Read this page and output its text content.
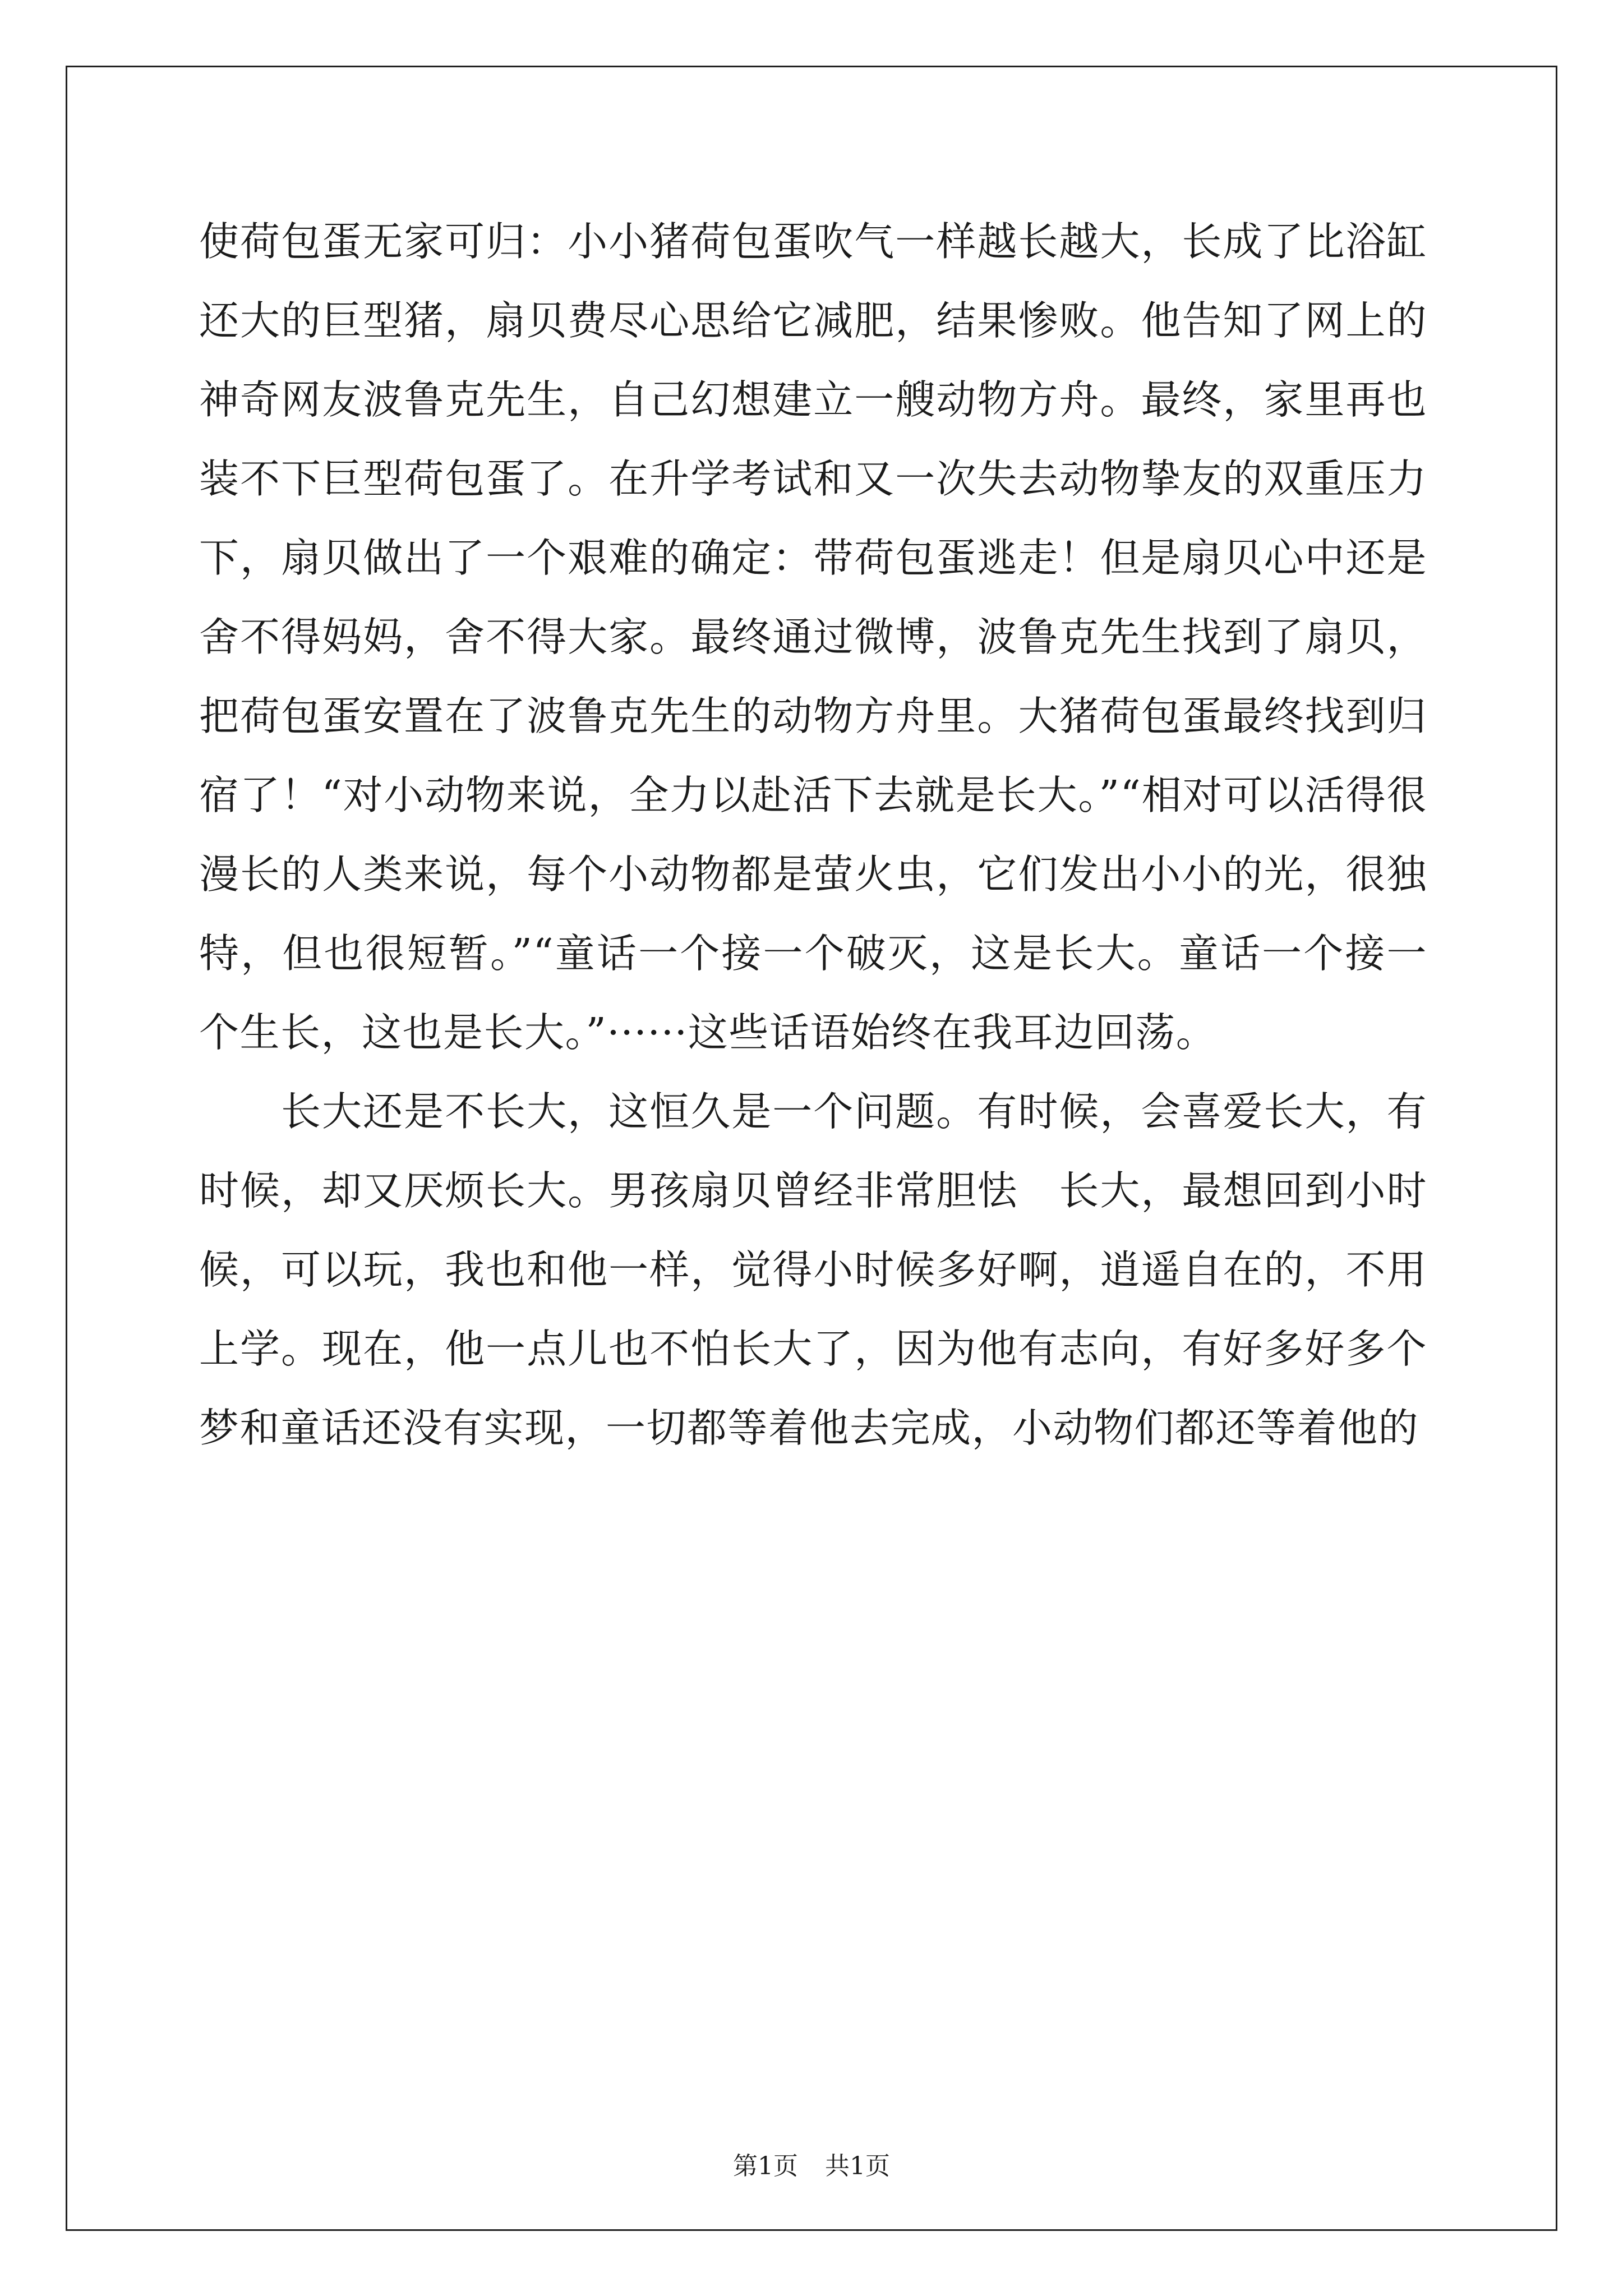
使荷包蛋无家可归：小小猪荷包蛋吹气一样越长越大，长成了比浴缸还大的巨型猪，扇贝费尽心思给它减肥，结果惨败。他告知了网上的神奇网友波鲁克先生，自己幻想建立一艘动物方舟。最终，家里再也装不下巨型荷包蛋了。在升学考试和又一次失去动物挚友的双重压力下，扇贝做出了一个艰难的确定：带荷包蛋逃走！但是扇贝心中还是舍不得妈妈，舍不得大家。最终通过微博，波鲁克先生找到了扇贝，把荷包蛋安置在了波鲁克先生的动物方舟里。大猪荷包蛋最终找到归宿了！“对小动物来说，全力以赴活下去就是长大。”“相对可以活得很漫长的人类来说，每个小动物都是萤火虫，它们发出小小的光，很独特，但也很短暂。”“童话一个接一个破灭，这是长大。童话一个接一个生长，这也是长大。”······这些话语始终在我耳边回荡。

长大还是不长大，这恒久是一个问题。有时候，会喜爱长大，有时候，却又厌烦长大。男孩扇贝曾经非常胆怯　长大，最想回到小时候，可以玩，我也和他一样，觉得小时候多好啊，逍遥自在的，不用上学。现在，他一点儿也不怕长大了，因为他有志向，有好多好多个梦和童话还没有实现，一切都等着他去完成，小动物们都还等着他的

第1页 共1页
